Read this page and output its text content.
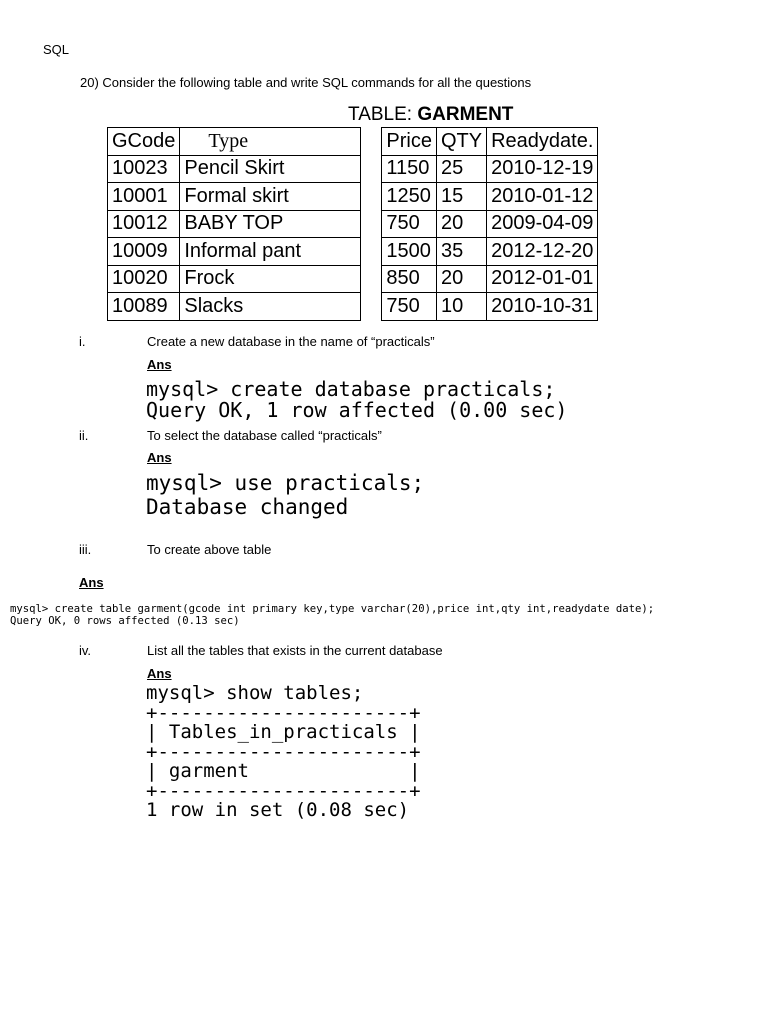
SQL
20) Consider the following table and write SQL commands for all the questions
TABLE: GARMENT
GCode	Type		Price	QTY	Readydate.
10023	Pencil Skirt		1150	25	2010-12-19
10001	Formal skirt		1250	15	2010-01-12
10012	BABY TOP		750	20	2009-04-09
10009	Informal pant		1500	35	2012-12-20
10020	Frock		850	20	2012-01-01
10089	Slacks		750	10	2010-10-31
i.	Create a new database in the name of “practicals”
Ans
mysql> create database practicals;
Query OK, 1 row affected (0.00 sec)
ii.	To select the database called “practicals”
Ans
mysql> use practicals;
Database changed
iii.	To create above table
Ans
mysql> create table garment(gcode int primary key,type varchar(20),price int,qty int,readydate date);
Query OK, 0 rows affected (0.13 sec)
iv.	List all the tables that exists in the current database
Ans
mysql> show tables;
+----------------------+
| Tables_in_practicals |
+----------------------+
| garment              |
+----------------------+
1 row in set (0.08 sec)
